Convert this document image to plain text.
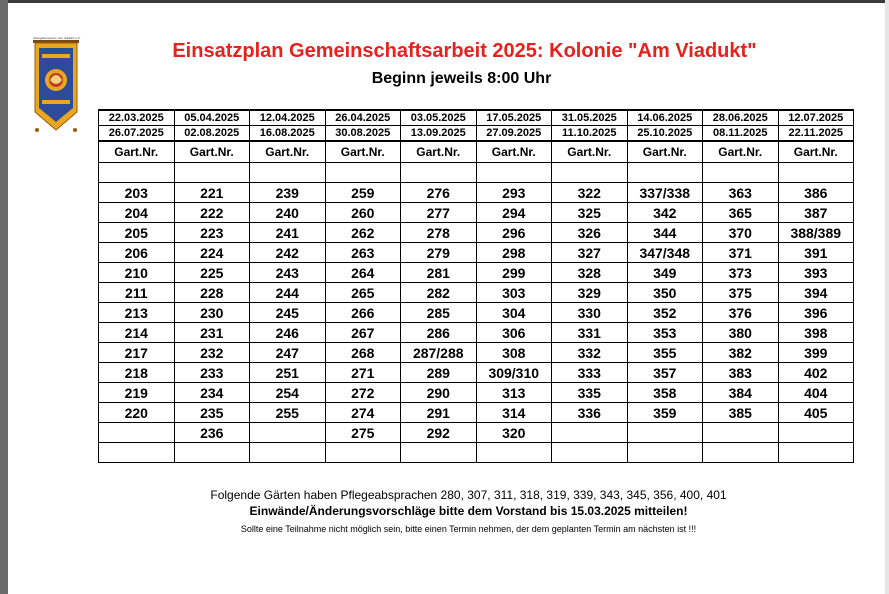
Kleingartenverein "Am Viadukt" e.V.
Einsatzplan Gemeinschaftsarbeit 2025: Kolonie "Am Viadukt"
Beginn jeweils 8:00 Uhr
22.03.2025	05.04.2025	12.04.2025	26.04.2025	03.05.2025	17.05.2025	31.05.2025	14.06.2025	28.06.2025	12.07.2025
26.07.2025	02.08.2025	16.08.2025	30.08.2025	13.09.2025	27.09.2025	11.10.2025	25.10.2025	08.11.2025	22.11.2025
Gart.Nr.	Gart.Nr.	Gart.Nr.	Gart.Nr.	Gart.Nr.	Gart.Nr.	Gart.Nr.	Gart.Nr.	Gart.Nr.	Gart.Nr.

203	221	239	259	276	293	322	337/338	363	386
204	222	240	260	277	294	325	342	365	387
205	223	241	262	278	296	326	344	370	388/389
206	224	242	263	279	298	327	347/348	371	391
210	225	243	264	281	299	328	349	373	393
211	228	244	265	282	303	329	350	375	394
213	230	245	266	285	304	330	352	376	396
214	231	246	267	286	306	331	353	380	398
217	232	247	268	287/288	308	332	355	382	399
218	233	251	271	289	309/310	333	357	383	402
219	234	254	272	290	313	335	358	384	404
220	235	255	274	291	314	336	359	385	405
	236		275	292	320				

Folgende Gärten haben Pflegeabsprachen 280, 307, 311, 318, 319, 339, 343, 345, 356, 400, 401
Einwände/Änderungsvorschläge bitte dem Vorstand bis 15.03.2025 mitteilen!
Sollte eine Teilnahme nicht möglich sein, bitte einen Termin nehmen, der dem geplanten Termin am nächsten ist !!!
